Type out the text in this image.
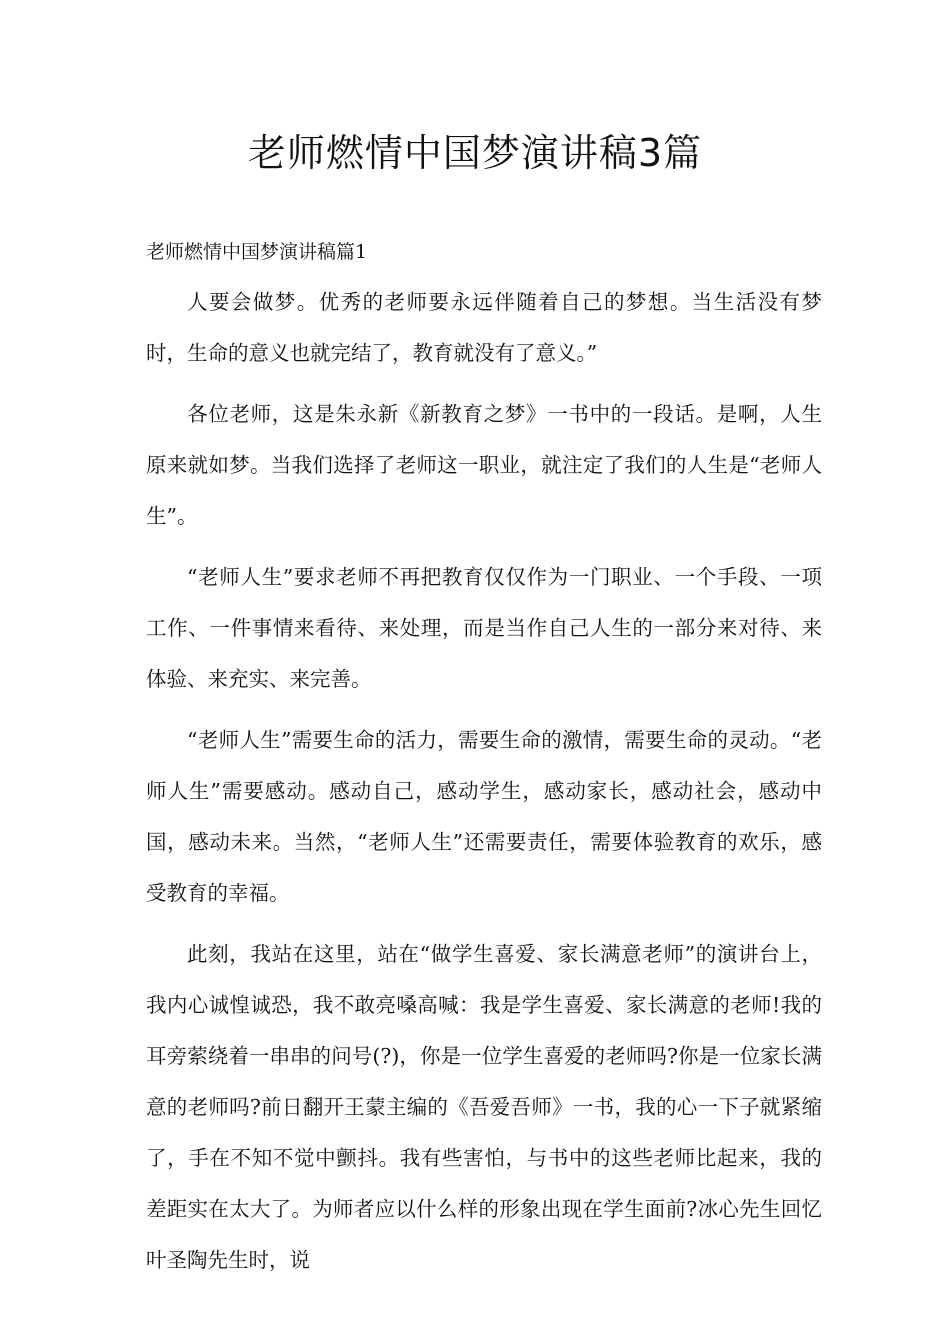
老师燃情中国梦演讲稿3篇
老师燃情中国梦演讲稿篇1

人要会做梦。优秀的老师要永远伴随着自己的梦想。当生活没有梦时，生命的意义也就完结了，教育就没有了意义。”

各位老师，这是朱永新《新教育之梦》一书中的一段话。是啊，人生原来就如梦。当我们选择了老师这一职业，就注定了我们的人生是“老师人生”。

“老师人生”要求老师不再把教育仅仅作为一门职业、一个手段、一项工作、一件事情来看待、来处理，而是当作自己人生的一部分来对待、来体验、来充实、来完善。

“老师人生”需要生命的活力，需要生命的激情，需要生命的灵动。“老师人生”需要感动。感动自己，感动学生，感动家长，感动社会，感动中国，感动未来。当然，“老师人生”还需要责任，需要体验教育的欢乐，感受教育的幸福。

此刻，我站在这里，站在“做学生喜爱、家长满意老师”的演讲台上，我内心诚惶诚恐，我不敢亮嗓高喊：我是学生喜爱、家长满意的老师!我的耳旁萦绕着一串串的问号(?)，你是一位学生喜爱的老师吗?你是一位家长满意的老师吗?前日翻开王蒙主编的《吾爱吾师》一书，我的心一下子就紧缩了，手在不知不觉中颤抖。我有些害怕，与书中的这些老师比起来，我的差距实在太大了。为师者应以什么样的形象出现在学生面前?冰心先生回忆叶圣陶先生时，说
